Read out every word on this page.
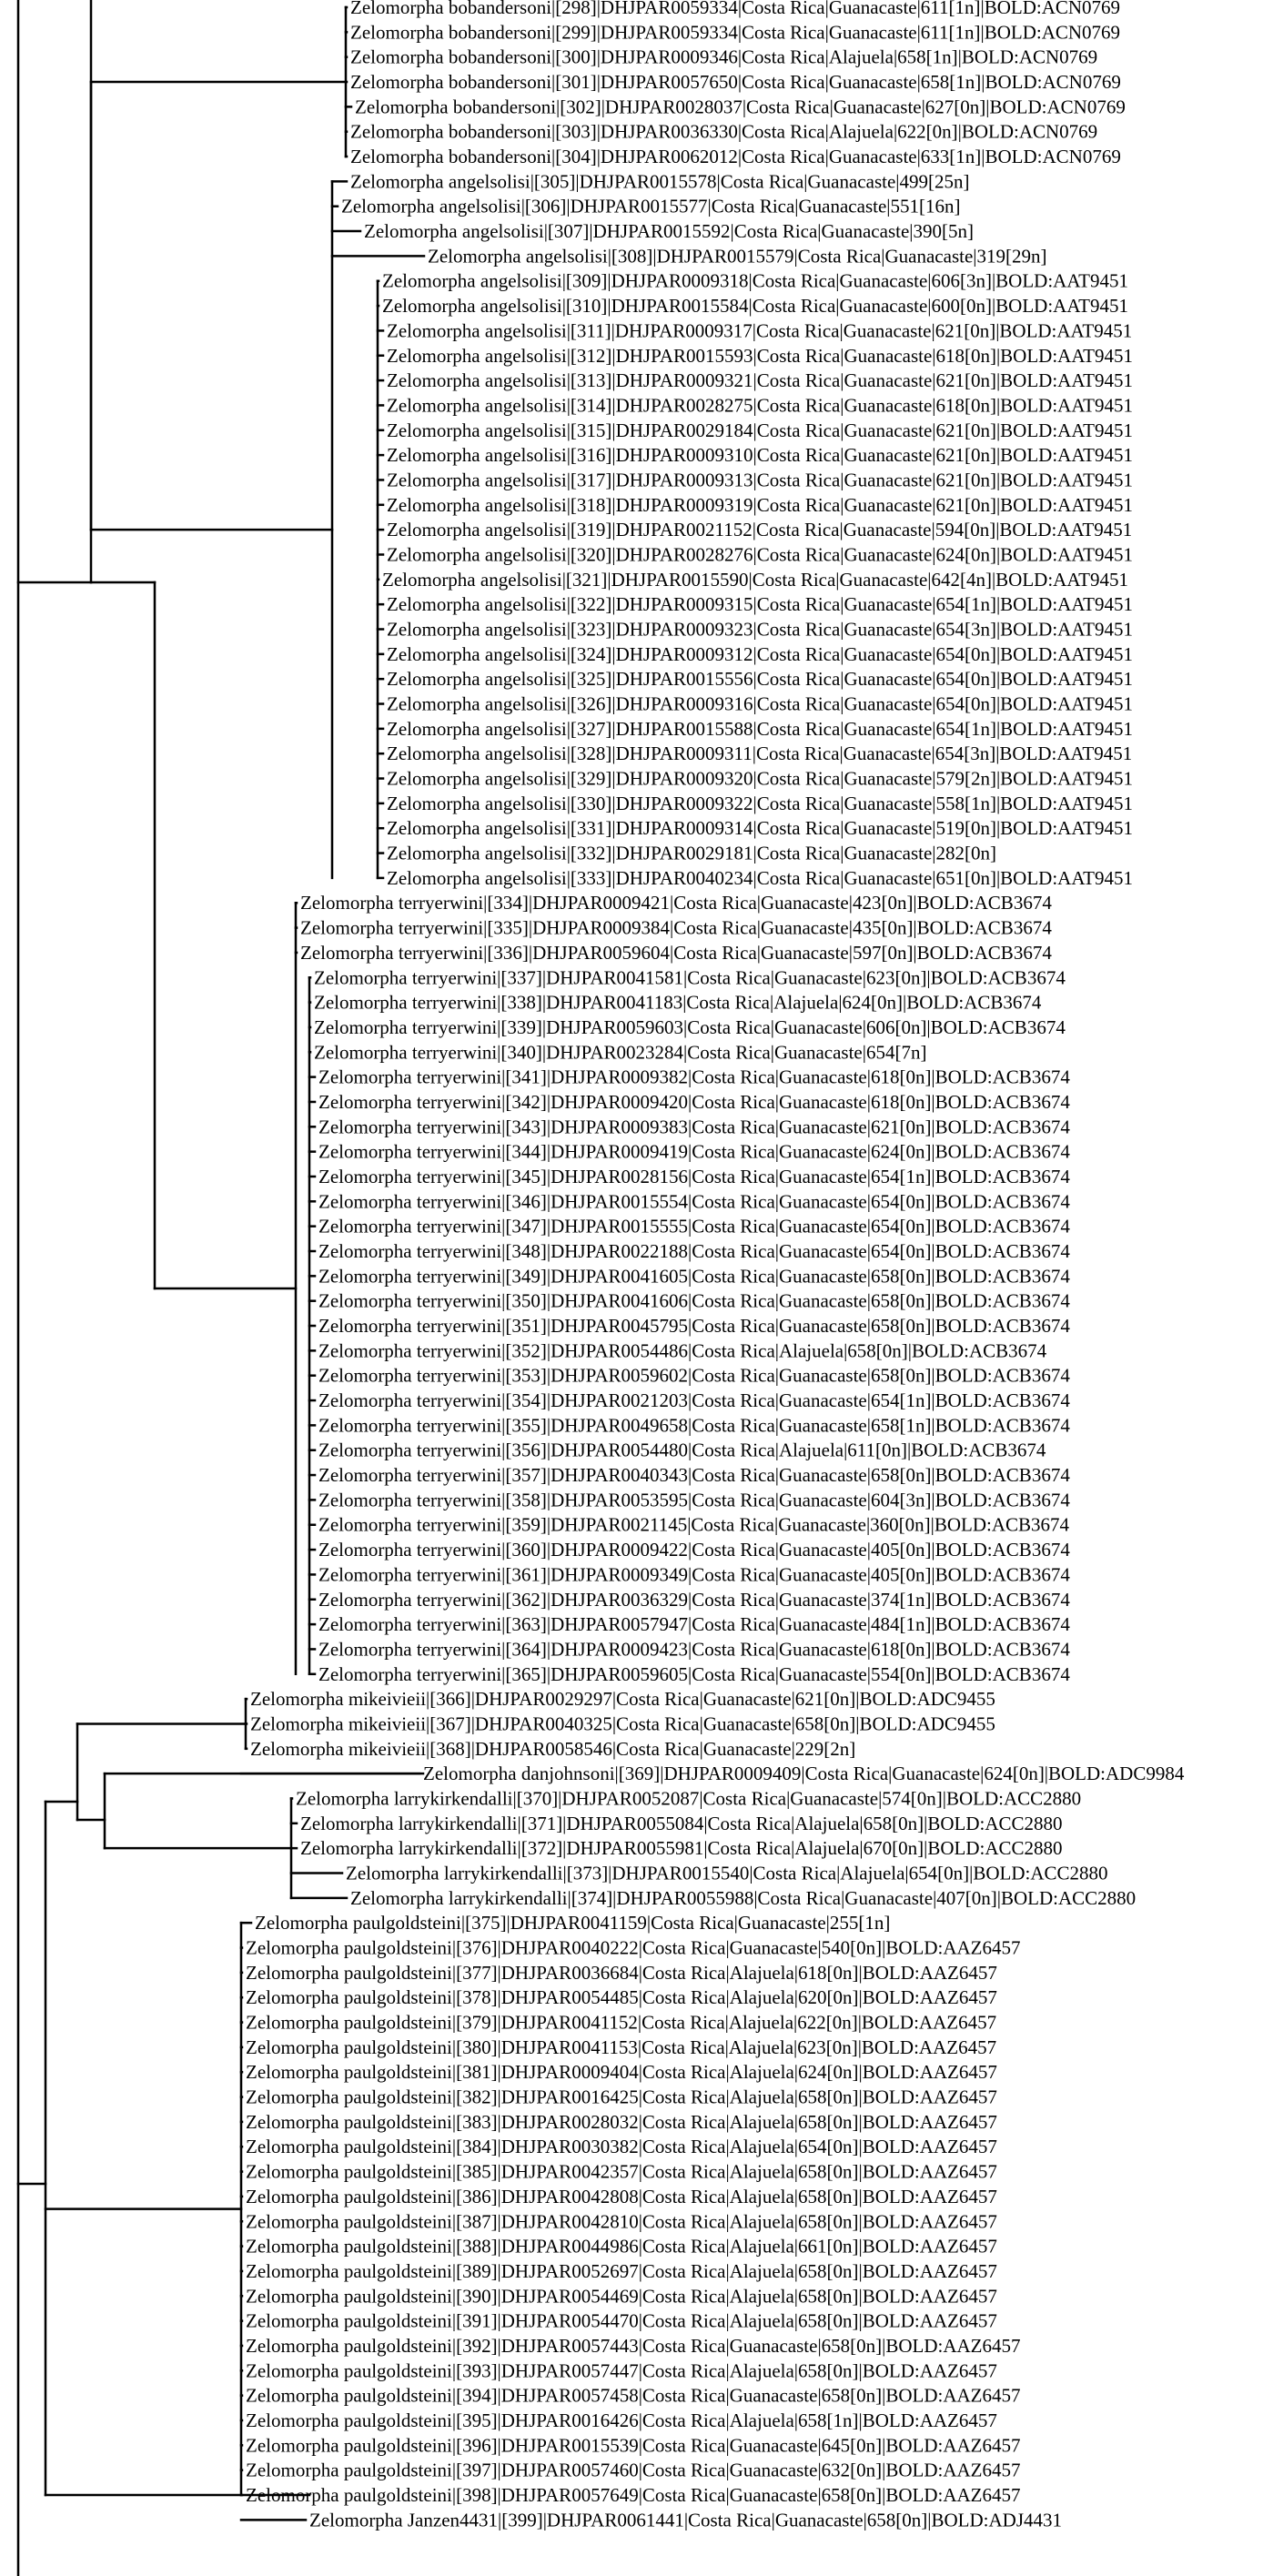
Zelomorpha bobandersoni|[298]|DHJPAR0059334|Costa Rica|Guanacaste|611[1n]|BOLD:ACN0769
Zelomorpha bobandersoni|[299]|DHJPAR0059334|Costa Rica|Guanacaste|611[1n]|BOLD:ACN0769
Zelomorpha bobandersoni|[300]|DHJPAR0009346|Costa Rica|Alajuela|658[1n]|BOLD:ACN0769
Zelomorpha bobandersoni|[301]|DHJPAR0057650|Costa Rica|Guanacaste|658[1n]|BOLD:ACN0769
Zelomorpha bobandersoni|[302]|DHJPAR0028037|Costa Rica|Guanacaste|627[0n]|BOLD:ACN0769
Zelomorpha bobandersoni|[303]|DHJPAR0036330|Costa Rica|Alajuela|622[0n]|BOLD:ACN0769
Zelomorpha bobandersoni|[304]|DHJPAR0062012|Costa Rica|Guanacaste|633[1n]|BOLD:ACN0769
Zelomorpha angelsolisi|[305]|DHJPAR0015578|Costa Rica|Guanacaste|499[25n]
Zelomorpha angelsolisi|[306]|DHJPAR0015577|Costa Rica|Guanacaste|551[16n]
Zelomorpha angelsolisi|[307]|DHJPAR0015592|Costa Rica|Guanacaste|390[5n]
Zelomorpha angelsolisi|[308]|DHJPAR0015579|Costa Rica|Guanacaste|319[29n]
Zelomorpha angelsolisi|[309]|DHJPAR0009318|Costa Rica|Guanacaste|606[3n]|BOLD:AAT9451
Zelomorpha angelsolisi|[310]|DHJPAR0015584|Costa Rica|Guanacaste|600[0n]|BOLD:AAT9451
Zelomorpha angelsolisi|[311]|DHJPAR0009317|Costa Rica|Guanacaste|621[0n]|BOLD:AAT9451
Zelomorpha angelsolisi|[312]|DHJPAR0015593|Costa Rica|Guanacaste|618[0n]|BOLD:AAT9451
Zelomorpha angelsolisi|[313]|DHJPAR0009321|Costa Rica|Guanacaste|621[0n]|BOLD:AAT9451
Zelomorpha angelsolisi|[314]|DHJPAR0028275|Costa Rica|Guanacaste|618[0n]|BOLD:AAT9451
Zelomorpha angelsolisi|[315]|DHJPAR0029184|Costa Rica|Guanacaste|621[0n]|BOLD:AAT9451
Zelomorpha angelsolisi|[316]|DHJPAR0009310|Costa Rica|Guanacaste|621[0n]|BOLD:AAT9451
Zelomorpha angelsolisi|[317]|DHJPAR0009313|Costa Rica|Guanacaste|621[0n]|BOLD:AAT9451
Zelomorpha angelsolisi|[318]|DHJPAR0009319|Costa Rica|Guanacaste|621[0n]|BOLD:AAT9451
Zelomorpha angelsolisi|[319]|DHJPAR0021152|Costa Rica|Guanacaste|594[0n]|BOLD:AAT9451
Zelomorpha angelsolisi|[320]|DHJPAR0028276|Costa Rica|Guanacaste|624[0n]|BOLD:AAT9451
Zelomorpha angelsolisi|[321]|DHJPAR0015590|Costa Rica|Guanacaste|642[4n]|BOLD:AAT9451
Zelomorpha angelsolisi|[322]|DHJPAR0009315|Costa Rica|Guanacaste|654[1n]|BOLD:AAT9451
Zelomorpha angelsolisi|[323]|DHJPAR0009323|Costa Rica|Guanacaste|654[3n]|BOLD:AAT9451
Zelomorpha angelsolisi|[324]|DHJPAR0009312|Costa Rica|Guanacaste|654[0n]|BOLD:AAT9451
Zelomorpha angelsolisi|[325]|DHJPAR0015556|Costa Rica|Guanacaste|654[0n]|BOLD:AAT9451
Zelomorpha angelsolisi|[326]|DHJPAR0009316|Costa Rica|Guanacaste|654[0n]|BOLD:AAT9451
Zelomorpha angelsolisi|[327]|DHJPAR0015588|Costa Rica|Guanacaste|654[1n]|BOLD:AAT9451
Zelomorpha angelsolisi|[328]|DHJPAR0009311|Costa Rica|Guanacaste|654[3n]|BOLD:AAT9451
Zelomorpha angelsolisi|[329]|DHJPAR0009320|Costa Rica|Guanacaste|579[2n]|BOLD:AAT9451
Zelomorpha angelsolisi|[330]|DHJPAR0009322|Costa Rica|Guanacaste|558[1n]|BOLD:AAT9451
Zelomorpha angelsolisi|[331]|DHJPAR0009314|Costa Rica|Guanacaste|519[0n]|BOLD:AAT9451
Zelomorpha angelsolisi|[332]|DHJPAR0029181|Costa Rica|Guanacaste|282[0n]
Zelomorpha angelsolisi|[333]|DHJPAR0040234|Costa Rica|Guanacaste|651[0n]|BOLD:AAT9451
Zelomorpha terryerwini|[334]|DHJPAR0009421|Costa Rica|Guanacaste|423[0n]|BOLD:ACB3674
Zelomorpha terryerwini|[335]|DHJPAR0009384|Costa Rica|Guanacaste|435[0n]|BOLD:ACB3674
Zelomorpha terryerwini|[336]|DHJPAR0059604|Costa Rica|Guanacaste|597[0n]|BOLD:ACB3674
Zelomorpha terryerwini|[337]|DHJPAR0041581|Costa Rica|Guanacaste|623[0n]|BOLD:ACB3674
Zelomorpha terryerwini|[338]|DHJPAR0041183|Costa Rica|Alajuela|624[0n]|BOLD:ACB3674
Zelomorpha terryerwini|[339]|DHJPAR0059603|Costa Rica|Guanacaste|606[0n]|BOLD:ACB3674
Zelomorpha terryerwini|[340]|DHJPAR0023284|Costa Rica|Guanacaste|654[7n]
Zelomorpha terryerwini|[341]|DHJPAR0009382|Costa Rica|Guanacaste|618[0n]|BOLD:ACB3674
Zelomorpha terryerwini|[342]|DHJPAR0009420|Costa Rica|Guanacaste|618[0n]|BOLD:ACB3674
Zelomorpha terryerwini|[343]|DHJPAR0009383|Costa Rica|Guanacaste|621[0n]|BOLD:ACB3674
Zelomorpha terryerwini|[344]|DHJPAR0009419|Costa Rica|Guanacaste|624[0n]|BOLD:ACB3674
Zelomorpha terryerwini|[345]|DHJPAR0028156|Costa Rica|Guanacaste|654[1n]|BOLD:ACB3674
Zelomorpha terryerwini|[346]|DHJPAR0015554|Costa Rica|Guanacaste|654[0n]|BOLD:ACB3674
Zelomorpha terryerwini|[347]|DHJPAR0015555|Costa Rica|Guanacaste|654[0n]|BOLD:ACB3674
Zelomorpha terryerwini|[348]|DHJPAR0022188|Costa Rica|Guanacaste|654[0n]|BOLD:ACB3674
Zelomorpha terryerwini|[349]|DHJPAR0041605|Costa Rica|Guanacaste|658[0n]|BOLD:ACB3674
Zelomorpha terryerwini|[350]|DHJPAR0041606|Costa Rica|Guanacaste|658[0n]|BOLD:ACB3674
Zelomorpha terryerwini|[351]|DHJPAR0045795|Costa Rica|Guanacaste|658[0n]|BOLD:ACB3674
Zelomorpha terryerwini|[352]|DHJPAR0054486|Costa Rica|Alajuela|658[0n]|BOLD:ACB3674
Zelomorpha terryerwini|[353]|DHJPAR0059602|Costa Rica|Guanacaste|658[0n]|BOLD:ACB3674
Zelomorpha terryerwini|[354]|DHJPAR0021203|Costa Rica|Guanacaste|654[1n]|BOLD:ACB3674
Zelomorpha terryerwini|[355]|DHJPAR0049658|Costa Rica|Guanacaste|658[1n]|BOLD:ACB3674
Zelomorpha terryerwini|[356]|DHJPAR0054480|Costa Rica|Alajuela|611[0n]|BOLD:ACB3674
Zelomorpha terryerwini|[357]|DHJPAR0040343|Costa Rica|Guanacaste|658[0n]|BOLD:ACB3674
Zelomorpha terryerwini|[358]|DHJPAR0053595|Costa Rica|Guanacaste|604[3n]|BOLD:ACB3674
Zelomorpha terryerwini|[359]|DHJPAR0021145|Costa Rica|Guanacaste|360[0n]|BOLD:ACB3674
Zelomorpha terryerwini|[360]|DHJPAR0009422|Costa Rica|Guanacaste|405[0n]|BOLD:ACB3674
Zelomorpha terryerwini|[361]|DHJPAR0009349|Costa Rica|Guanacaste|405[0n]|BOLD:ACB3674
Zelomorpha terryerwini|[362]|DHJPAR0036329|Costa Rica|Guanacaste|374[1n]|BOLD:ACB3674
Zelomorpha terryerwini|[363]|DHJPAR0057947|Costa Rica|Guanacaste|484[1n]|BOLD:ACB3674
Zelomorpha terryerwini|[364]|DHJPAR0009423|Costa Rica|Guanacaste|618[0n]|BOLD:ACB3674
Zelomorpha terryerwini|[365]|DHJPAR0059605|Costa Rica|Guanacaste|554[0n]|BOLD:ACB3674
Zelomorpha mikeivieii|[366]|DHJPAR0029297|Costa Rica|Guanacaste|621[0n]|BOLD:ADC9455
Zelomorpha mikeivieii|[367]|DHJPAR0040325|Costa Rica|Guanacaste|658[0n]|BOLD:ADC9455
Zelomorpha mikeivieii|[368]|DHJPAR0058546|Costa Rica|Guanacaste|229[2n]
Zelomorpha danjohnsoni|[369]|DHJPAR0009409|Costa Rica|Guanacaste|624[0n]|BOLD:ADC9984
Zelomorpha larrykirkendalli|[370]|DHJPAR0052087|Costa Rica|Guanacaste|574[0n]|BOLD:ACC2880
Zelomorpha larrykirkendalli|[371]|DHJPAR0055084|Costa Rica|Alajuela|658[0n]|BOLD:ACC2880
Zelomorpha larrykirkendalli|[372]|DHJPAR0055981|Costa Rica|Alajuela|670[0n]|BOLD:ACC2880
Zelomorpha larrykirkendalli|[373]|DHJPAR0015540|Costa Rica|Alajuela|654[0n]|BOLD:ACC2880
Zelomorpha larrykirkendalli|[374]|DHJPAR0055988|Costa Rica|Guanacaste|407[0n]|BOLD:ACC2880
Zelomorpha paulgoldsteini|[375]|DHJPAR0041159|Costa Rica|Guanacaste|255[1n]
Zelomorpha paulgoldsteini|[376]|DHJPAR0040222|Costa Rica|Guanacaste|540[0n]|BOLD:AAZ6457
Zelomorpha paulgoldsteini|[377]|DHJPAR0036684|Costa Rica|Alajuela|618[0n]|BOLD:AAZ6457
Zelomorpha paulgoldsteini|[378]|DHJPAR0054485|Costa Rica|Alajuela|620[0n]|BOLD:AAZ6457
Zelomorpha paulgoldsteini|[379]|DHJPAR0041152|Costa Rica|Alajuela|622[0n]|BOLD:AAZ6457
Zelomorpha paulgoldsteini|[380]|DHJPAR0041153|Costa Rica|Alajuela|623[0n]|BOLD:AAZ6457
Zelomorpha paulgoldsteini|[381]|DHJPAR0009404|Costa Rica|Alajuela|624[0n]|BOLD:AAZ6457
Zelomorpha paulgoldsteini|[382]|DHJPAR0016425|Costa Rica|Alajuela|658[0n]|BOLD:AAZ6457
Zelomorpha paulgoldsteini|[383]|DHJPAR0028032|Costa Rica|Alajuela|658[0n]|BOLD:AAZ6457
Zelomorpha paulgoldsteini|[384]|DHJPAR0030382|Costa Rica|Alajuela|654[0n]|BOLD:AAZ6457
Zelomorpha paulgoldsteini|[385]|DHJPAR0042357|Costa Rica|Alajuela|658[0n]|BOLD:AAZ6457
Zelomorpha paulgoldsteini|[386]|DHJPAR0042808|Costa Rica|Alajuela|658[0n]|BOLD:AAZ6457
Zelomorpha paulgoldsteini|[387]|DHJPAR0042810|Costa Rica|Alajuela|658[0n]|BOLD:AAZ6457
Zelomorpha paulgoldsteini|[388]|DHJPAR0044986|Costa Rica|Alajuela|661[0n]|BOLD:AAZ6457
Zelomorpha paulgoldsteini|[389]|DHJPAR0052697|Costa Rica|Alajuela|658[0n]|BOLD:AAZ6457
Zelomorpha paulgoldsteini|[390]|DHJPAR0054469|Costa Rica|Alajuela|658[0n]|BOLD:AAZ6457
Zelomorpha paulgoldsteini|[391]|DHJPAR0054470|Costa Rica|Alajuela|658[0n]|BOLD:AAZ6457
Zelomorpha paulgoldsteini|[392]|DHJPAR0057443|Costa Rica|Guanacaste|658[0n]|BOLD:AAZ6457
Zelomorpha paulgoldsteini|[393]|DHJPAR0057447|Costa Rica|Alajuela|658[0n]|BOLD:AAZ6457
Zelomorpha paulgoldsteini|[394]|DHJPAR0057458|Costa Rica|Guanacaste|658[0n]|BOLD:AAZ6457
Zelomorpha paulgoldsteini|[395]|DHJPAR0016426|Costa Rica|Alajuela|658[1n]|BOLD:AAZ6457
Zelomorpha paulgoldsteini|[396]|DHJPAR0015539|Costa Rica|Guanacaste|645[0n]|BOLD:AAZ6457
Zelomorpha paulgoldsteini|[397]|DHJPAR0057460|Costa Rica|Guanacaste|632[0n]|BOLD:AAZ6457
Zelomorpha paulgoldsteini|[398]|DHJPAR0057649|Costa Rica|Guanacaste|658[0n]|BOLD:AAZ6457
Zelomorpha Janzen4431|[399]|DHJPAR0061441|Costa Rica|Guanacaste|658[0n]|BOLD:ADJ4431
